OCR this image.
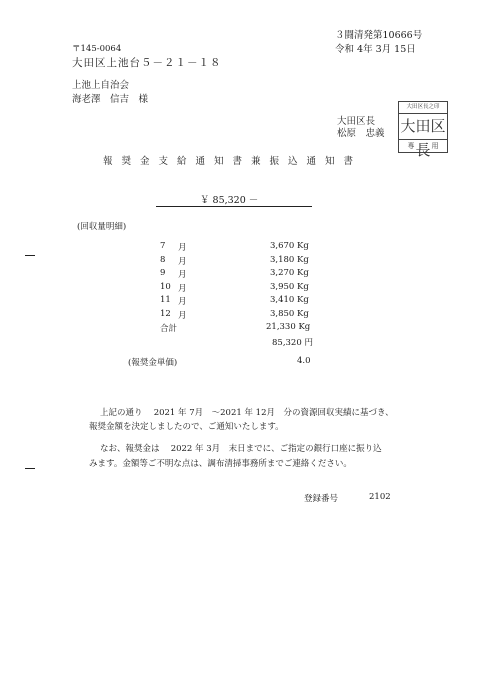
３闘清発第10666号
令和 4年 3月 15日
〒145-0064
大田区上池台５－２１－１８
上池上自治会
海老澤　信吉　様
大田区長
松原　忠義
大田区長之印
大田区長
専 用
報奨金支給通知書兼振込通知書
￥ 85,320 －
(回収量明細)
7 月	3,670 Kg
8 月	3,180 Kg
9 月	3,270 Kg
10 月	3,950 Kg
11 月	3,410 Kg
12 月	3,850 Kg
合計	21,330 Kg
85,320 円
(報奨金単価)	4.0
上記の通り　 2021 年 7月　～2021 年 12月　分の資源回収実績に基づき、
報奨金額を決定しましたので、ご通知いたします。
なお、報奨金は　 2022 年 3月　末日までに、ご指定の銀行口座に振り込
みます。金額等ご不明な点は、調布清掃事務所までご連絡ください。
登録番号	2102
